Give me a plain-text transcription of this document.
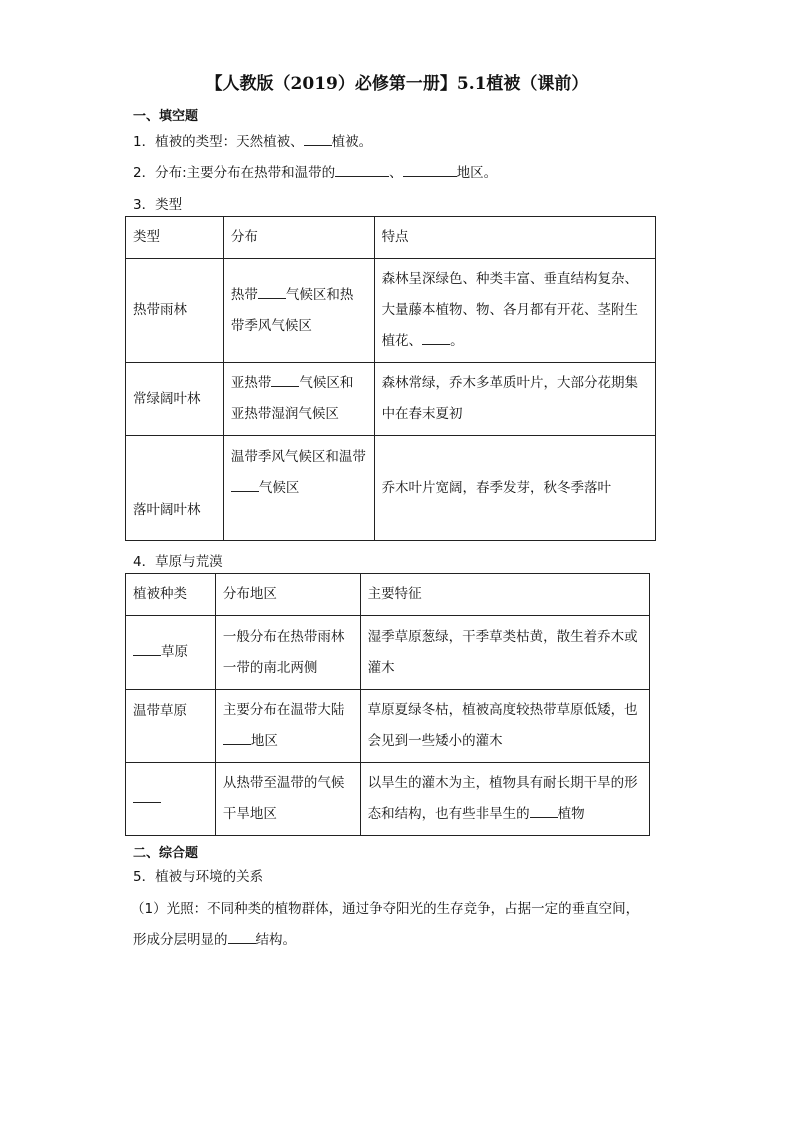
【人教版（2019）必修第一册】5.1植被（课前）
一、填空题
1．植被的类型：天然植被、 植被。
2．分布:主要分布在热带和温带的	、	地区。
3．类型
类型	分布	特点
热带雨林	热带 气候区和热带季风气候区	森林呈深绿色、种类丰富、垂直结构复杂、大量藤本植物、物、各月都有开花、茎附生植花、 。
常绿阔叶林	亚热带 气候区和亚热带湿润气候区	森林常绿，乔木多革质叶片，大部分花期集中在春末夏初
落叶阔叶林	温带季风气候区和温带气候区	乔木叶片宽阔，春季发芽，秋冬季落叶
4．草原与荒漠
植被种类	分布地区	主要特征
草原	一般分布在热带雨林一带的南北两侧	湿季草原葱绿，干季草类枯黄，散生着乔木或灌木
温带草原	主要分布在温带大陆地区	草原夏绿冬枯，植被高度较热带草原低矮，也会见到一些矮小的灌木
	从热带至温带的气候干旱地区	以旱生的灌木为主，植物具有耐长期干旱的形态和结构，也有些非旱生的 植物
二、综合题
5．植被与环境的关系
（1）光照：不同种类的植物群体，通过争夺阳光的生存竞争，占据一定的垂直空间，
形成分层明显的 结构。
